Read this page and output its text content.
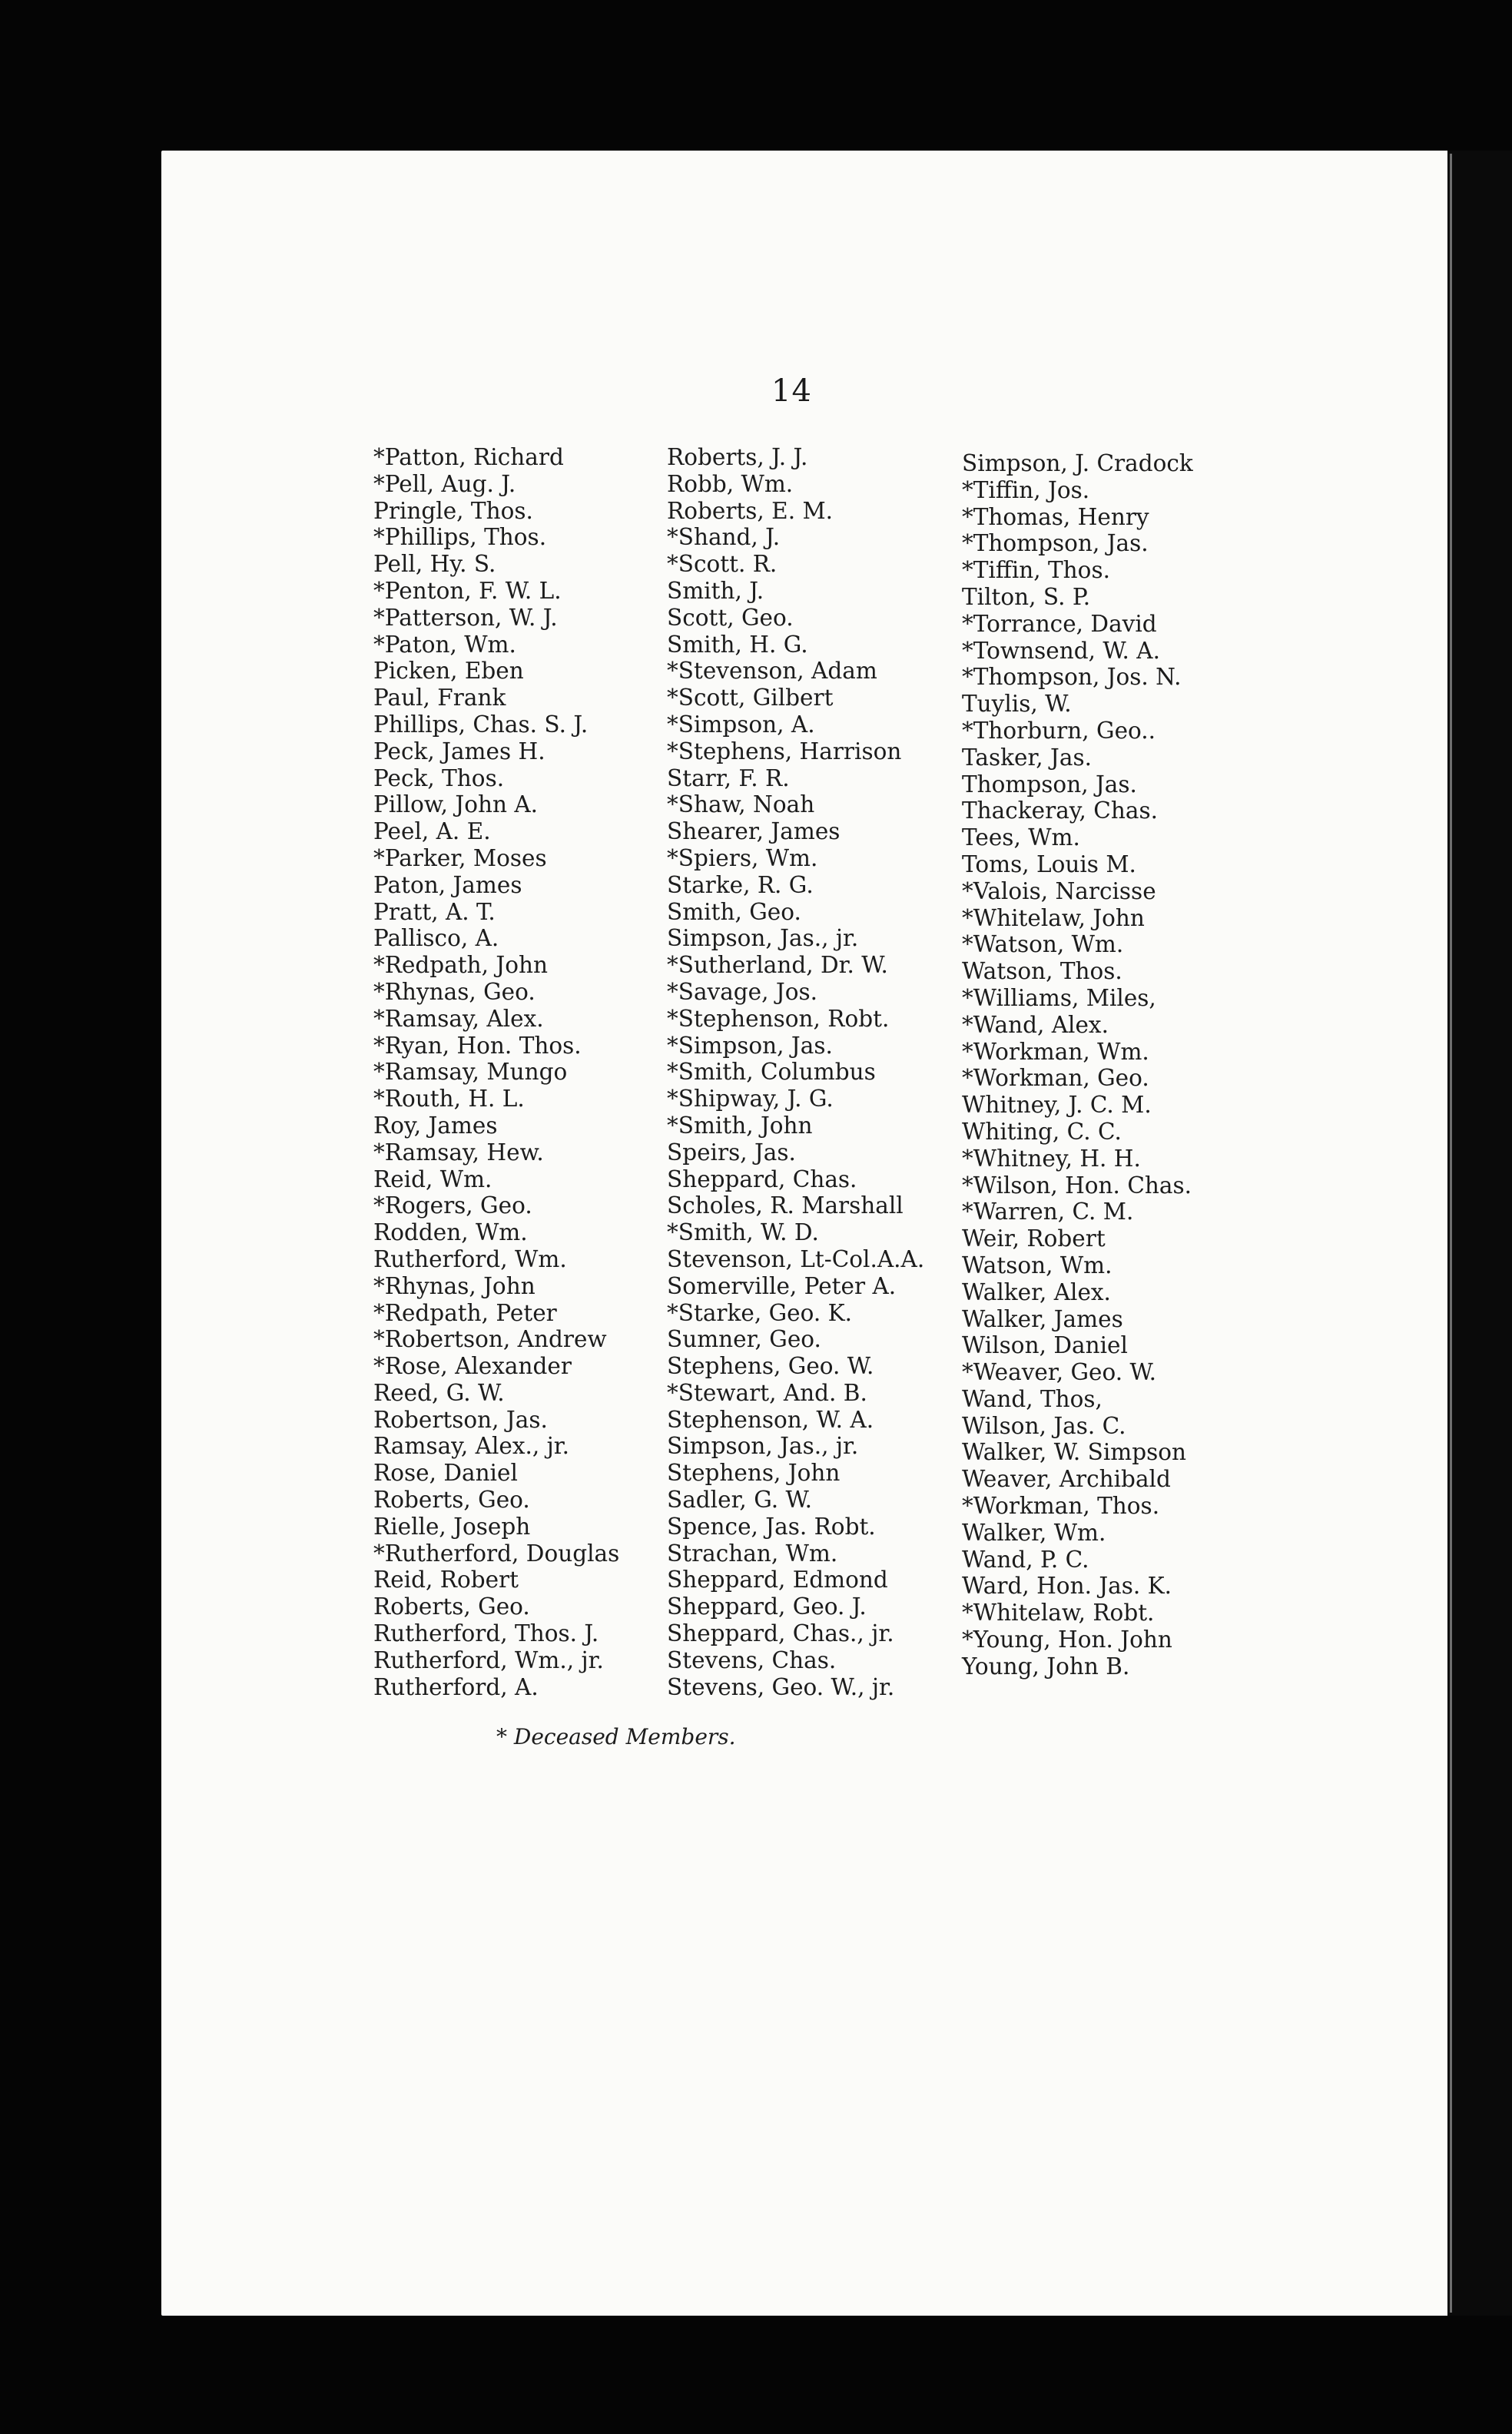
14
*Patton, Richard
*Pell, Aug. J.
Pringle, Thos.
*Phillips, Thos.
Pell, Hy. S.
*Penton, F. W. L.
*Patterson, W. J.
*Paton, Wm.
Picken, Eben
Paul, Frank
Phillips, Chas. S. J.
Peck, James H.
Peck, Thos.
Pillow, John A.
Peel, A. E.
*Parker, Moses
Paton, James
Pratt, A. T.
Pallisco, A.
*Redpath, John
*Rhynas, Geo.
*Ramsay, Alex.
*Ryan, Hon. Thos.
*Ramsay, Mungo
*Routh, H. L.
Roy, James
*Ramsay, Hew.
Reid, Wm.
*Rogers, Geo.
Rodden, Wm.
Rutherford, Wm.
*Rhynas, John
*Redpath, Peter
*Robertson, Andrew
*Rose, Alexander
Reed, G. W.
Robertson, Jas.
Ramsay, Alex., jr.
Rose, Daniel
Roberts, Geo.
Rielle, Joseph
*Rutherford, Douglas
Reid, Robert
Roberts, Geo.
Rutherford, Thos. J.
Rutherford, Wm., jr.
Rutherford, A.
Roberts, J. J.
Robb, Wm.
Roberts, E. M.
*Shand, J.
*Scott. R.
Smith, J.
Scott, Geo.
Smith, H. G.
*Stevenson, Adam
*Scott, Gilbert
*Simpson, A.
*Stephens, Harrison
Starr, F. R.
*Shaw, Noah
Shearer, James
*Spiers, Wm.
Starke, R. G.
Smith, Geo.
Simpson, Jas., jr.
*Sutherland, Dr. W.
*Savage, Jos.
*Stephenson, Robt.
*Simpson, Jas.
*Smith, Columbus
*Shipway, J. G.
*Smith, John
Speirs, Jas.
Sheppard, Chas.
Scholes, R. Marshall
*Smith, W. D.
Stevenson, Lt-Col.A.A.
Somerville, Peter A.
*Starke, Geo. K.
Sumner, Geo.
Stephens, Geo. W.
*Stewart, And. B.
Stephenson, W. A.
Simpson, Jas., jr.
Stephens, John
Sadler, G. W.
Spence, Jas. Robt.
Strachan, Wm.
Sheppard, Edmond
Sheppard, Geo. J.
Sheppard, Chas., jr.
Stevens, Chas.
Stevens, Geo. W., jr.
Simpson, J. Cradock
*Tiffin, Jos.
*Thomas, Henry
*Thompson, Jas.
*Tiffin, Thos.
Tilton, S. P.
*Torrance, David
*Townsend, W. A.
*Thompson, Jos. N.
Tuylis, W.
*Thorburn, Geo..
Tasker, Jas.
Thompson, Jas.
Thackeray, Chas.
Tees, Wm.
Toms, Louis M.
*Valois, Narcisse
*Whitelaw, John
*Watson, Wm.
Watson, Thos.
*Williams, Miles,
*Wand, Alex.
*Workman, Wm.
*Workman, Geo.
Whitney, J. C. M.
Whiting, C. C.
*Whitney, H. H.
*Wilson, Hon. Chas.
*Warren, C. M.
Weir, Robert
Watson, Wm.
Walker, Alex.
Walker, James
Wilson, Daniel
*Weaver, Geo. W.
Wand, Thos,
Wilson, Jas. C.
Walker, W. Simpson
Weaver, Archibald
*Workman, Thos.
Walker, Wm.
Wand, P. C.
Ward, Hon. Jas. K.
*Whitelaw, Robt.
*Young, Hon. John
Young, John B.
* Deceased Members.
